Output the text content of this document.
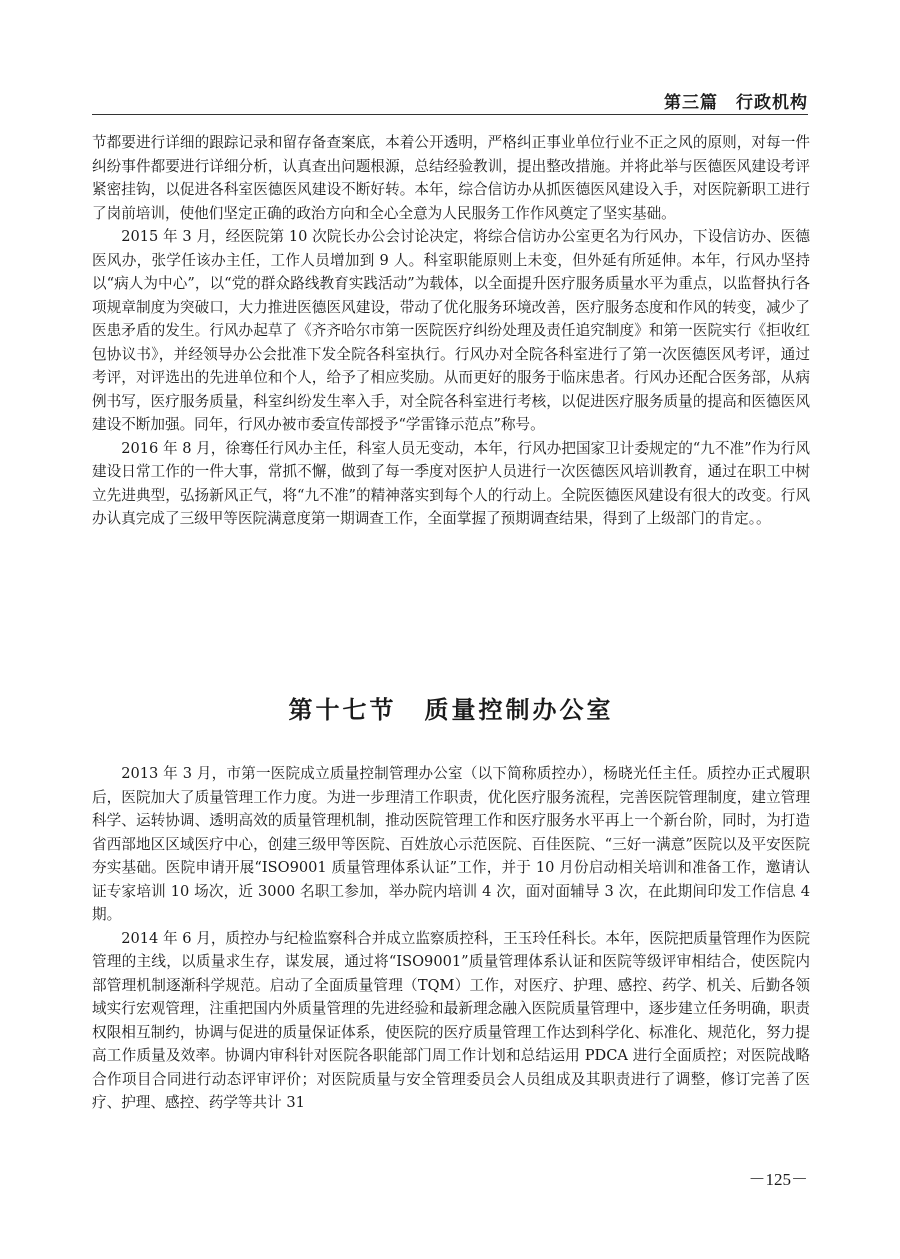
第三篇　行政机构

节都要进行详细的跟踪记录和留存备查案底，本着公开透明，严格纠正事业单位行业不正之风的原则，对每一件纠纷事件都要进行详细分析，认真查出问题根源，总结经验教训，提出整改措施。并将此举与医德医风建设考评紧密挂钩，以促进各科室医德医风建设不断好转。本年，综合信访办从抓医德医风建设入手，对医院新职工进行了岗前培训，使他们坚定正确的政治方向和全心全意为人民服务工作作风奠定了坚实基础。

2015 年 3 月，经医院第 10 次院长办公会讨论决定，将综合信访办公室更名为行风办，下设信访办、医德医风办，张学任该办主任，工作人员增加到 9 人。科室职能原则上未变，但外延有所延伸。本年，行风办坚持以“病人为中心”，以“党的群众路线教育实践活动”为载体，以全面提升医疗服务质量水平为重点，以监督执行各项规章制度为突破口，大力推进医德医风建设，带动了优化服务环境改善，医疗服务态度和作风的转变，减少了医患矛盾的发生。行风办起草了《齐齐哈尔市第一医院医疗纠纷处理及责任追究制度》和第一医院实行《拒收红包协议书》，并经领导办公会批准下发全院各科室执行。行风办对全院各科室进行了第一次医德医风考评，通过考评，对评选出的先进单位和个人，给予了相应奖励。从而更好的服务于临床患者。行风办还配合医务部，从病例书写，医疗服务质量，科室纠纷发生率入手，对全院各科室进行考核，以促进医疗服务质量的提高和医德医风建设不断加强。同年，行风办被市委宣传部授予“学雷锋示范点”称号。

2016 年 8 月，徐骞任行风办主任，科室人员无变动，本年，行风办把国家卫计委规定的“九不准”作为行风建设日常工作的一件大事，常抓不懈，做到了每一季度对医护人员进行一次医德医风培训教育，通过在职工中树立先进典型，弘扬新风正气，将“九不准”的精神落实到每个人的行动上。全院医德医风建设有很大的改变。行风办认真完成了三级甲等医院满意度第一期调查工作，全面掌握了预期调查结果，得到了上级部门的肯定。。

第十七节 质量控制办公室

2013 年 3 月，市第一医院成立质量控制管理办公室（以下简称质控办），杨晓光任主任。质控办正式履职后，医院加大了质量管理工作力度。为进一步理清工作职责，优化医疗服务流程，完善医院管理制度，建立管理科学、运转协调、透明高效的质量管理机制，推动医院管理工作和医疗服务水平再上一个新台阶，同时，为打造省西部地区区域医疗中心，创建三级甲等医院、百姓放心示范医院、百佳医院、“三好一满意”医院以及平安医院夯实基础。医院申请开展“ISO9001 质量管理体系认证”工作，并于 10 月份启动相关培训和准备工作，邀请认证专家培训 10 场次，近 3000 名职工参加，举办院内培训 4 次，面对面辅导 3 次，在此期间印发工作信息 4 期。

2014 年 6 月，质控办与纪检监察科合并成立监察质控科，王玉玲任科长。本年，医院把质量管理作为医院管理的主线，以质量求生存，谋发展，通过将“ISO9001”质量管理体系认证和医院等级评审相结合，使医院内部管理机制逐渐科学规范。启动了全面质量管理（TQM）工作，对医疗、护理、感控、药学、机关、后勤各领域实行宏观管理，注重把国内外质量管理的先进经验和最新理念融入医院质量管理中，逐步建立任务明确，职责权限相互制约，协调与促进的质量保证体系，使医院的医疗质量管理工作达到科学化、标准化、规范化，努力提高工作质量及效率。协调内审科针对医院各职能部门周工作计划和总结运用 PDCA 进行全面质控；对医院战略合作项目合同进行动态评审评价；对医院质量与安全管理委员会人员组成及其职责进行了调整，修订完善了医疗、护理、感控、药学等共计 31

－125－
